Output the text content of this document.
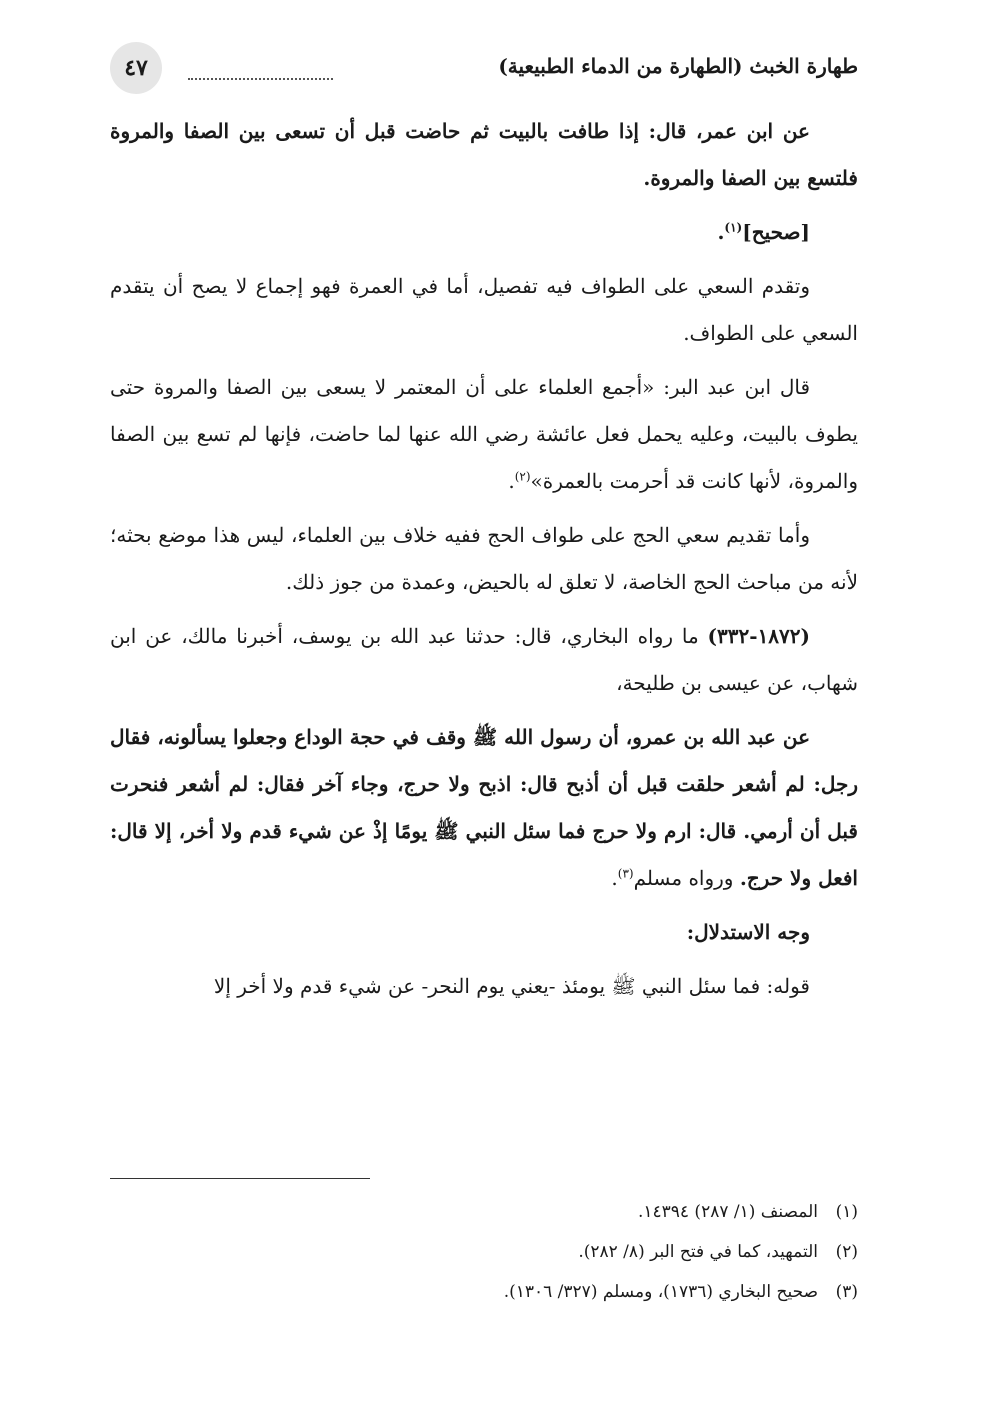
طهارة الخبث (الطهارة من الدماء الطبيعية)
٤٧

عن ابن عمر، قال: إذا طافت بالبيت ثم حاضت قبل أن تسعى بين الصفا والمروة فلتسع بين الصفا والمروة.

[صحيح]$^{(١)}$.

وتقدم السعي على الطواف فيه تفصيل، أما في العمرة فهو إجماع لا يصح أن يتقدم السعي على الطواف.

قال ابن عبد البر: «أجمع العلماء على أن المعتمر لا يسعى بين الصفا والمروة حتى يطوف بالبيت، وعليه يحمل فعل عائشة رضي الله عنها لما حاضت، فإنها لم تسع بين الصفا والمروة، لأنها كانت قد أحرمت بالعمرة»$^{(٢)}$.

وأما تقديم سعي الحج على طواف الحج ففيه خلاف بين العلماء، ليس هذا موضع بحثه؛ لأنه من مباحث الحج الخاصة، لا تعلق له بالحيض، وعمدة من جوز ذلك.

(١٨٧٢-٣٣٢) ما رواه البخاري، قال: حدثنا عبد الله بن يوسف، أخبرنا مالك، عن ابن شهاب، عن عيسى بن طليحة،

عن عبد الله بن عمرو، أن رسول الله ﷺ وقف في حجة الوداع وجعلوا يسألونه، فقال رجل: لم أشعر حلقت قبل أن أذبح قال: اذبح ولا حرج، وجاء آخر فقال: لم أشعر فنحرت قبل أن أرمي. قال: ارم ولا حرج فما سئل النبي ﷺ يومًا إذْ عن شيء قدم ولا أخر، إلا قال: افعل ولا حرج. ورواه مسلم$^{(٣)}$.

وجه الاستدلال:

قوله: فما سئل النبي ﷺ يومئذ -يعني يوم النحر- عن شيء قدم ولا أخر إلا

(١)المصنف (١/ ٢٨٧) ١٤٣٩٤.
(٢)التمهيد، كما في فتح البر (٨/ ٢٨٢).
(٣)صحيح البخاري (١٧٣٦)، ومسلم (٣٢٧/ ١٣٠٦).
